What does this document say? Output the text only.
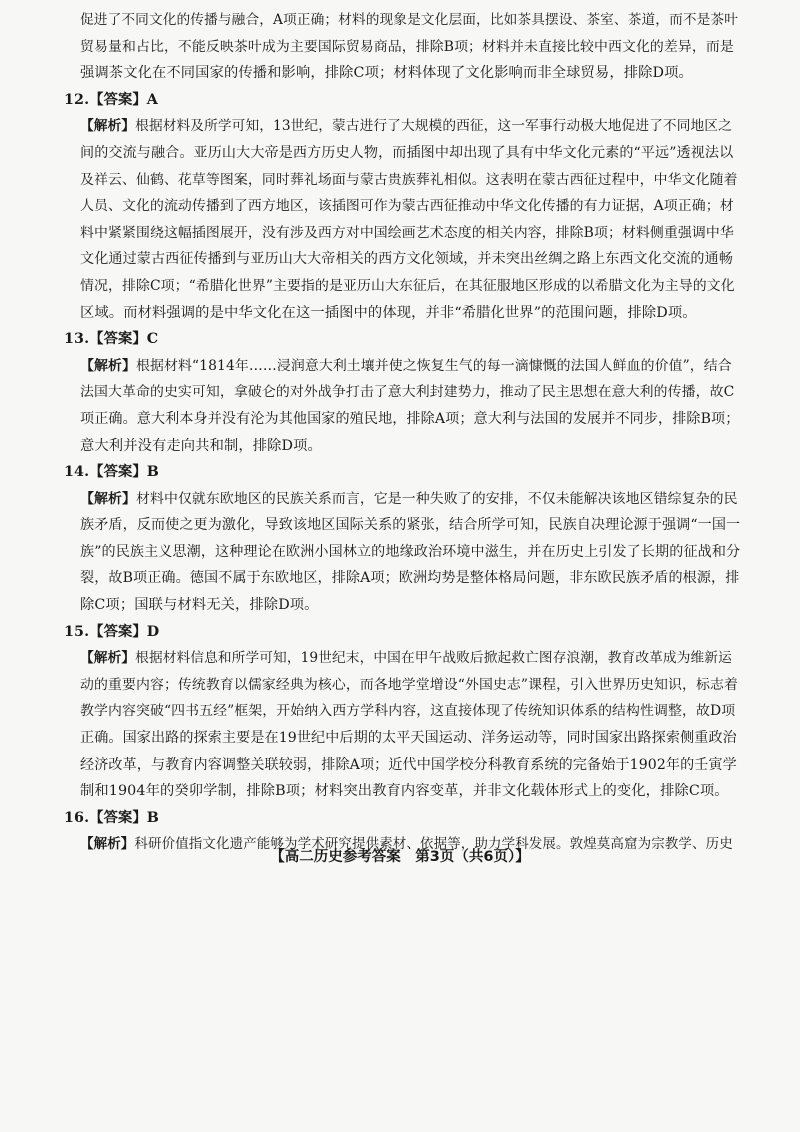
促进了不同文化的传播与融合，A项正确；材料的现象是文化层面，比如茶具摆设、茶室、茶道，而不是茶叶
贸易量和占比，不能反映茶叶成为主要国际贸易商品，排除B项；材料并未直接比较中西文化的差异，而是
强调茶文化在不同国家的传播和影响，排除C项；材料体现了文化影响而非全球贸易，排除D项。
12.【答案】A
【解析】根据材料及所学可知，13世纪，蒙古进行了大规模的西征，这一军事行动极大地促进了不同地区之
间的交流与融合。亚历山大大帝是西方历史人物，而插图中却出现了具有中华文化元素的“平远”透视法以
及祥云、仙鹤、花草等图案，同时葬礼场面与蒙古贵族葬礼相似。这表明在蒙古西征过程中，中华文化随着
人员、文化的流动传播到了西方地区，该插图可作为蒙古西征推动中华文化传播的有力证据，A项正确；材
料中紧紧围绕这幅插图展开，没有涉及西方对中国绘画艺术态度的相关内容，排除B项；材料侧重强调中华
文化通过蒙古西征传播到与亚历山大大帝相关的西方文化领域，并未突出丝绸之路上东西文化交流的通畅
情况，排除C项；“希腊化世界”主要指的是亚历山大东征后，在其征服地区形成的以希腊文化为主导的文化
区域。而材料强调的是中华文化在这一插图中的体现，并非“希腊化世界”的范围问题，排除D项。
13.【答案】C
【解析】根据材料“1814年……浸润意大利土壤并使之恢复生气的每一滴慷慨的法国人鲜血的价值”，结合
法国大革命的史实可知，拿破仑的对外战争打击了意大利封建势力，推动了民主思想在意大利的传播，故C
项正确。意大利本身并没有沦为其他国家的殖民地，排除A项；意大利与法国的发展并不同步，排除B项；
意大利并没有走向共和制，排除D项。
14.【答案】B
【解析】材料中仅就东欧地区的民族关系而言，它是一种失败了的安排，不仅未能解决该地区错综复杂的民
族矛盾，反而使之更为激化，导致该地区国际关系的紧张，结合所学可知，民族自决理论源于强调“一国一
族”的民族主义思潮，这种理论在欧洲小国林立的地缘政治环境中滋生，并在历史上引发了长期的征战和分
裂，故B项正确。德国不属于东欧地区，排除A项；欧洲均势是整体格局问题，非东欧民族矛盾的根源，排
除C项；国联与材料无关，排除D项。
15.【答案】D
【解析】根据材料信息和所学可知，19世纪末，中国在甲午战败后掀起救亡图存浪潮，教育改革成为维新运
动的重要内容；传统教育以儒家经典为核心，而各地学堂增设“外国史志”课程，引入世界历史知识，标志着
教学内容突破“四书五经”框架，开始纳入西方学科内容，这直接体现了传统知识体系的结构性调整，故D项
正确。国家出路的探索主要是在19世纪中后期的太平天国运动、洋务运动等，同时国家出路探索侧重政治
经济改革，与教育内容调整关联较弱，排除A项；近代中国学校分科教育系统的完备始于1902年的壬寅学
制和1904年的癸卯学制，排除B项；材料突出教育内容变革，并非文化载体形式上的变化，排除C项。
16.【答案】B
【解析】科研价值指文化遗产能够为学术研究提供素材、依据等，助力学科发展。敦煌莫高窟为宗教学、历史
【高二历史参考答案　第3页（共6页）】
